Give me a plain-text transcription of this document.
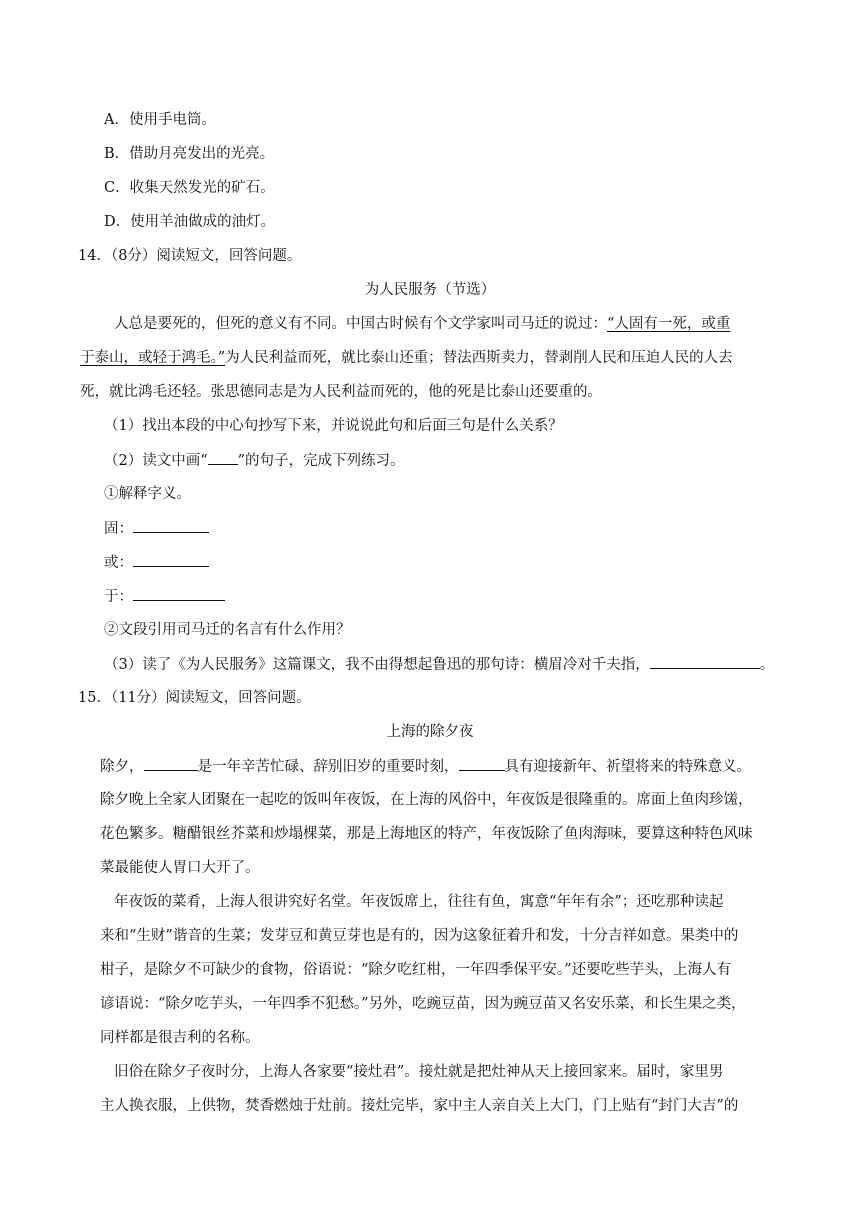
A．使用手电筒。
B．借助月亮发出的光亮。
C．收集天然发光的矿石。
D．使用羊油做成的油灯。
14．（8分）阅读短文，回答问题。
为人民服务（节选）
人总是要死的，但死的意义有不同。中国古时候有个文学家叫司马迁的说过：“人固有一死，或重
于泰山，或轻于鸿毛。”为人民利益而死，就比泰山还重；替法西斯卖力，替剥削人民和压迫人民的人去
死，就比鸿毛还轻。张思德同志是为人民利益而死的，他的死是比泰山还要重的。
（1）找出本段的中心句抄写下来，并说说此句和后面三句是什么关系？
（2）读文中画“ ”的句子，完成下列练习。
①解释字义。
固：
或：
于：
②文段引用司马迁的名言有什么作用？
（3）读了《为人民服务》这篇课文，我不由得想起鲁迅的那句诗：横眉冷对千夫指，	。
15．（11分）阅读短文，回答问题。
上海的除夕夜
除夕，	是一年辛苦忙碌、辞别旧岁的重要时刻，	具有迎接新年、祈望将来的特殊意义。
除夕晚上全家人团聚在一起吃的饭叫年夜饭，在上海的风俗中，年夜饭是很隆重的。席面上鱼肉珍馐，
花色繁多。糖醋银丝芥菜和炒塌棵菜，那是上海地区的特产，年夜饭除了鱼肉海味，要算这种特色风味
菜最能使人胃口大开了。
年夜饭的菜肴，上海人很讲究好名堂。年夜饭席上，往往有鱼，寓意“年年有余”；还吃那种读起
来和“生财”谐音的生菜；发芽豆和黄豆芽也是有的，因为这象征着升和发，十分吉祥如意。果类中的
柑子，是除夕不可缺少的食物，俗语说：“除夕吃红柑，一年四季保平安。”还要吃些芋头，上海人有
谚语说：“除夕吃芋头，一年四季不犯愁。”另外，吃豌豆苗，因为豌豆苗又名安乐菜，和长生果之类，
同样都是很吉利的名称。
旧俗在除夕子夜时分，上海人各家要“接灶君”。接灶就是把灶神从天上接回家来。届时，家里男
主人换衣服，上供物，焚香燃烛于灶前。接灶完毕，家中主人亲自关上大门，门上贴有“封门大吉”的
